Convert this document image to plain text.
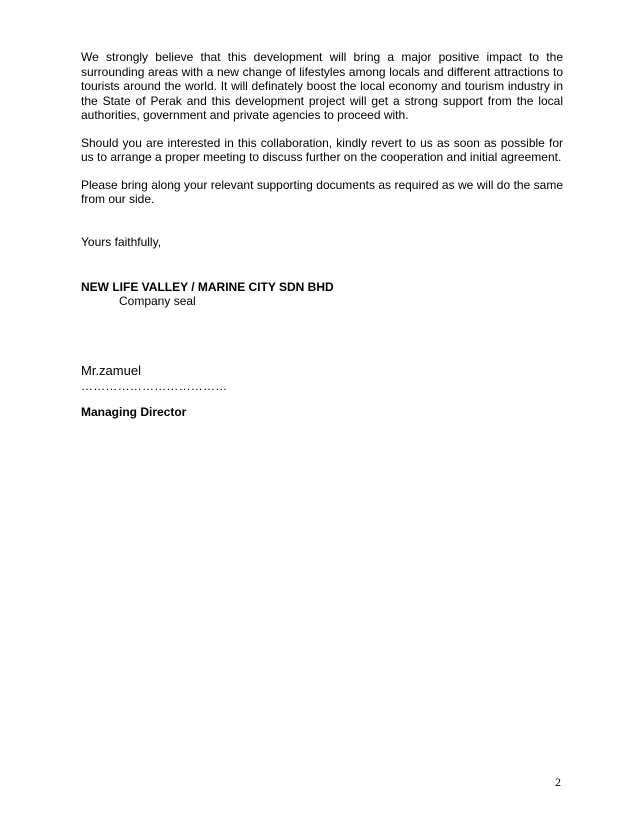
We strongly believe that this development will bring a major positive impact to the surrounding areas with a new change of lifestyles among locals and different attractions to tourists around the world. It will definately boost the local economy and tourism industry in the State of Perak and this development project will get a strong support from the local authorities, government and private agencies to proceed with.

Should you are interested in this collaboration, kindly revert to us as soon as possible for us to arrange a proper meeting to discuss further on the cooperation and initial agreement.

Please bring along your relevant supporting documents as required as we will do the same from our side.

Yours faithfully,
NEW LIFE VALLEY / MARINE CITY SDN BHD
Company seal
Mr.zamuel
………………………………
Managing Director
2
